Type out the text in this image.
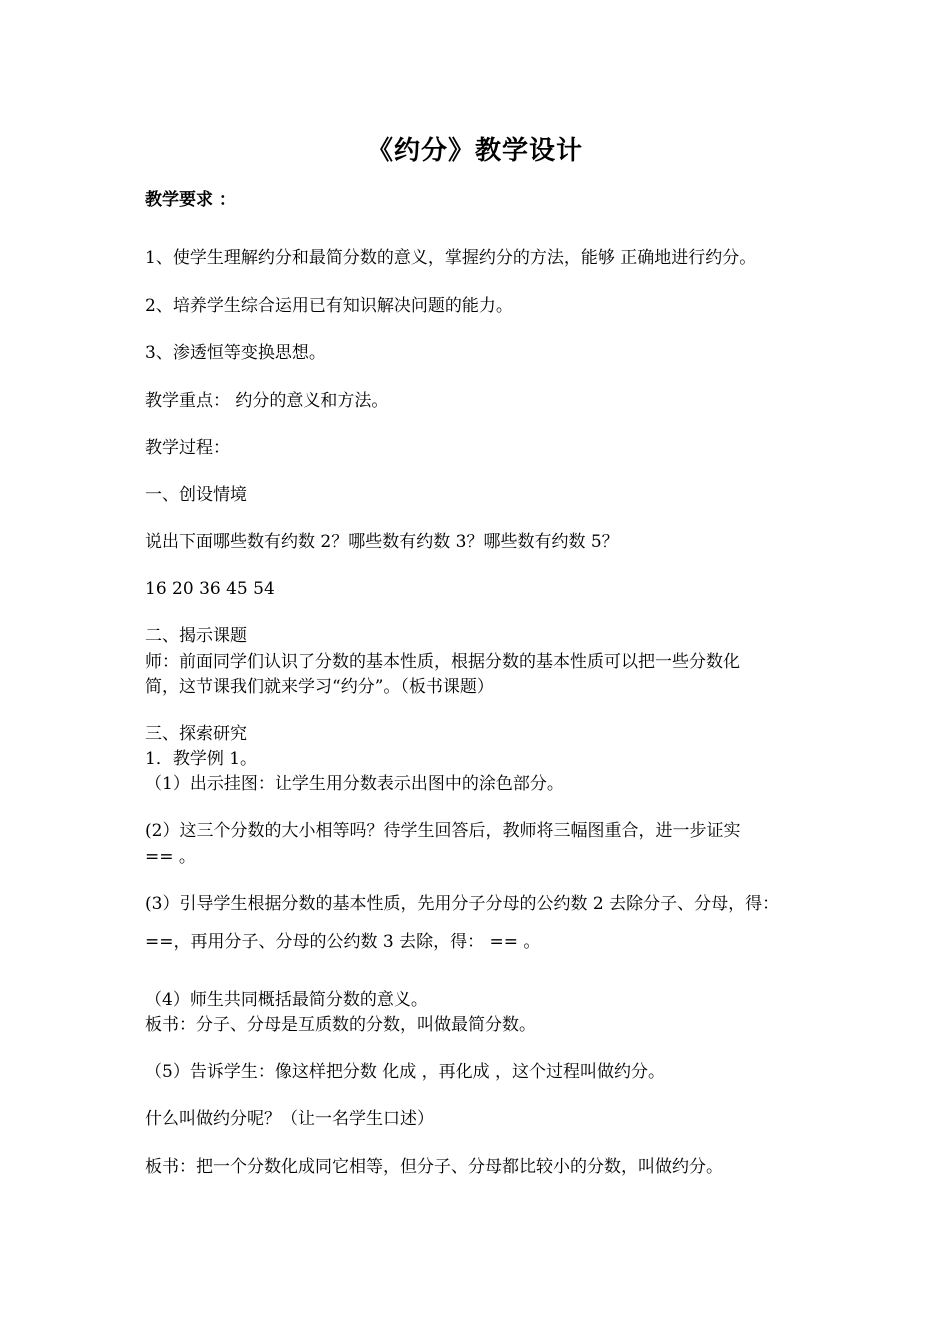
《约分》教学设计
教学要求 ：
1、使学生理解约分和最简分数的意义，掌握约分的方法，能够 正确地进行约分。
2、培养学生综合运用已有知识解决问题的能力。
3、渗透恒等变换思想。
教学重点： 约分的意义和方法。
教学过程：
一、创设情境
说出下面哪些数有约数 2？哪些数有约数 3？哪些数有约数 5？
16 20 36 45 54
二、揭示课题
师：前面同学们认识了分数的基本性质，根据分数的基本性质可以把一些分数化
简，这节课我们就来学习“约分”。（板书课题）
三、探索研究
1．教学例 1。
（1）出示挂图：让学生用分数表示出图中的涂色部分。
(2）这三个分数的大小相等吗？待学生回答后，教师将三幅图重合，进一步证实
== 。
(3）引导学生根据分数的基本性质，先用分子分母的公约数 2 去除分子、分母，得：
==，再用分子、分母的公约数 3 去除，得： == 。
（4）师生共同概括最简分数的意义。
板书：分子、分母是互质数的分数，叫做最简分数。
（5）告诉学生：像这样把分数 化成 ，再化成 ，这个过程叫做约分。
什么叫做约分呢？（让一名学生口述）
板书：把一个分数化成同它相等，但分子、分母都比较小的分数，叫做约分。
